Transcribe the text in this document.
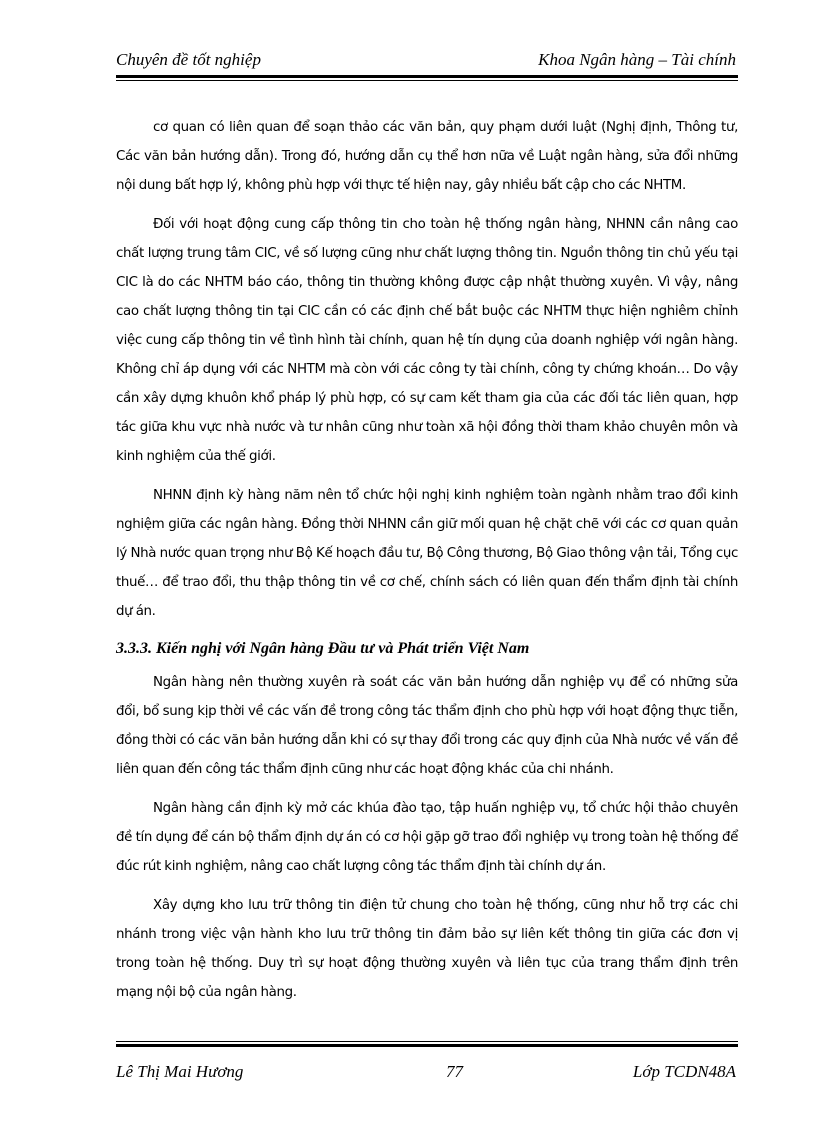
Chuyên đề tốt nghiệp	Khoa Ngân hàng – Tài chính

cơ quan có liên quan để soạn thảo các văn bản, quy phạm dưới luật (Nghị định, Thông tư, Các văn bản hướng dẫn). Trong đó, hướng dẫn cụ thể hơn nữa về Luật ngân hàng, sửa đổi những nội dung bất hợp lý, không phù hợp với thực tế hiện nay, gây nhiều bất cập cho các NHTM.

Đối với hoạt động cung cấp thông tin cho toàn hệ thống ngân hàng, NHNN cần nâng cao chất lượng trung tâm CIC, về số lượng cũng như chất lượng thông tin. Nguồn thông tin chủ yếu tại CIC là do các NHTM báo cáo, thông tin thường không được cập nhật thường xuyên. Vì vậy, nâng cao chất lượng thông tin tại CIC cần có các định chế bắt buộc các NHTM thực hiện nghiêm chỉnh việc cung cấp thông tin về tình hình tài chính, quan hệ tín dụng của doanh nghiệp với ngân hàng. Không chỉ áp dụng với các NHTM mà còn với các công ty tài chính, công ty chứng khoán… Do vậy cần xây dựng khuôn khổ pháp lý phù hợp, có sự cam kết tham gia của các đối tác liên quan, hợp tác giữa khu vực nhà nước và tư nhân cũng như toàn xã hội đồng thời tham khảo chuyên môn và kinh nghiệm của thế giới.

NHNN định kỳ hàng năm nên tổ chức hội nghị kinh nghiệm toàn ngành nhằm trao đổi kinh nghiệm giữa các ngân hàng. Đồng thời NHNN cần giữ mối quan hệ chặt chẽ với các cơ quan quản lý Nhà nước quan trọng như Bộ Kế hoạch đầu tư, Bộ Công thương, Bộ Giao thông vận tải, Tổng cục thuế… để trao đổi, thu thập thông tin về cơ chế, chính sách có liên quan đến thẩm định tài chính dự án.

3.3.3. Kiến nghị với Ngân hàng Đầu tư và Phát triển Việt Nam

Ngân hàng nên thường xuyên rà soát các văn bản hướng dẫn nghiệp vụ để có những sửa đổi, bổ sung kịp thời về các vấn đề trong công tác thẩm định cho phù hợp với hoạt động thực tiễn, đồng thời có các văn bản hướng dẫn khi có sự thay đổi trong các quy định của Nhà nước về vấn đề liên quan đến công tác thẩm định cũng như các hoạt động khác của chi nhánh.

Ngân hàng cần định kỳ mở các khúa đào tạo, tập huấn nghiệp vụ, tổ chức hội thảo chuyên đề tín dụng để cán bộ thẩm định dự án có cơ hội gặp gỡ trao đổi nghiệp vụ trong toàn hệ thống để đúc rút kinh nghiệm, nâng cao chất lượng công tác thẩm định tài chính dự án.

Xây dựng kho lưu trữ thông tin điện tử chung cho toàn hệ thống, cũng như hỗ trợ các chi nhánh trong việc vận hành kho lưu trữ thông tin đảm bảo sự liên kết thông tin giữa các đơn vị trong toàn hệ thống. Duy trì sự hoạt động thường xuyên và liên tục của trang thẩm định trên mạng nội bộ của ngân hàng.

Lê Thị Mai Hương	77	Lớp TCDN48A
